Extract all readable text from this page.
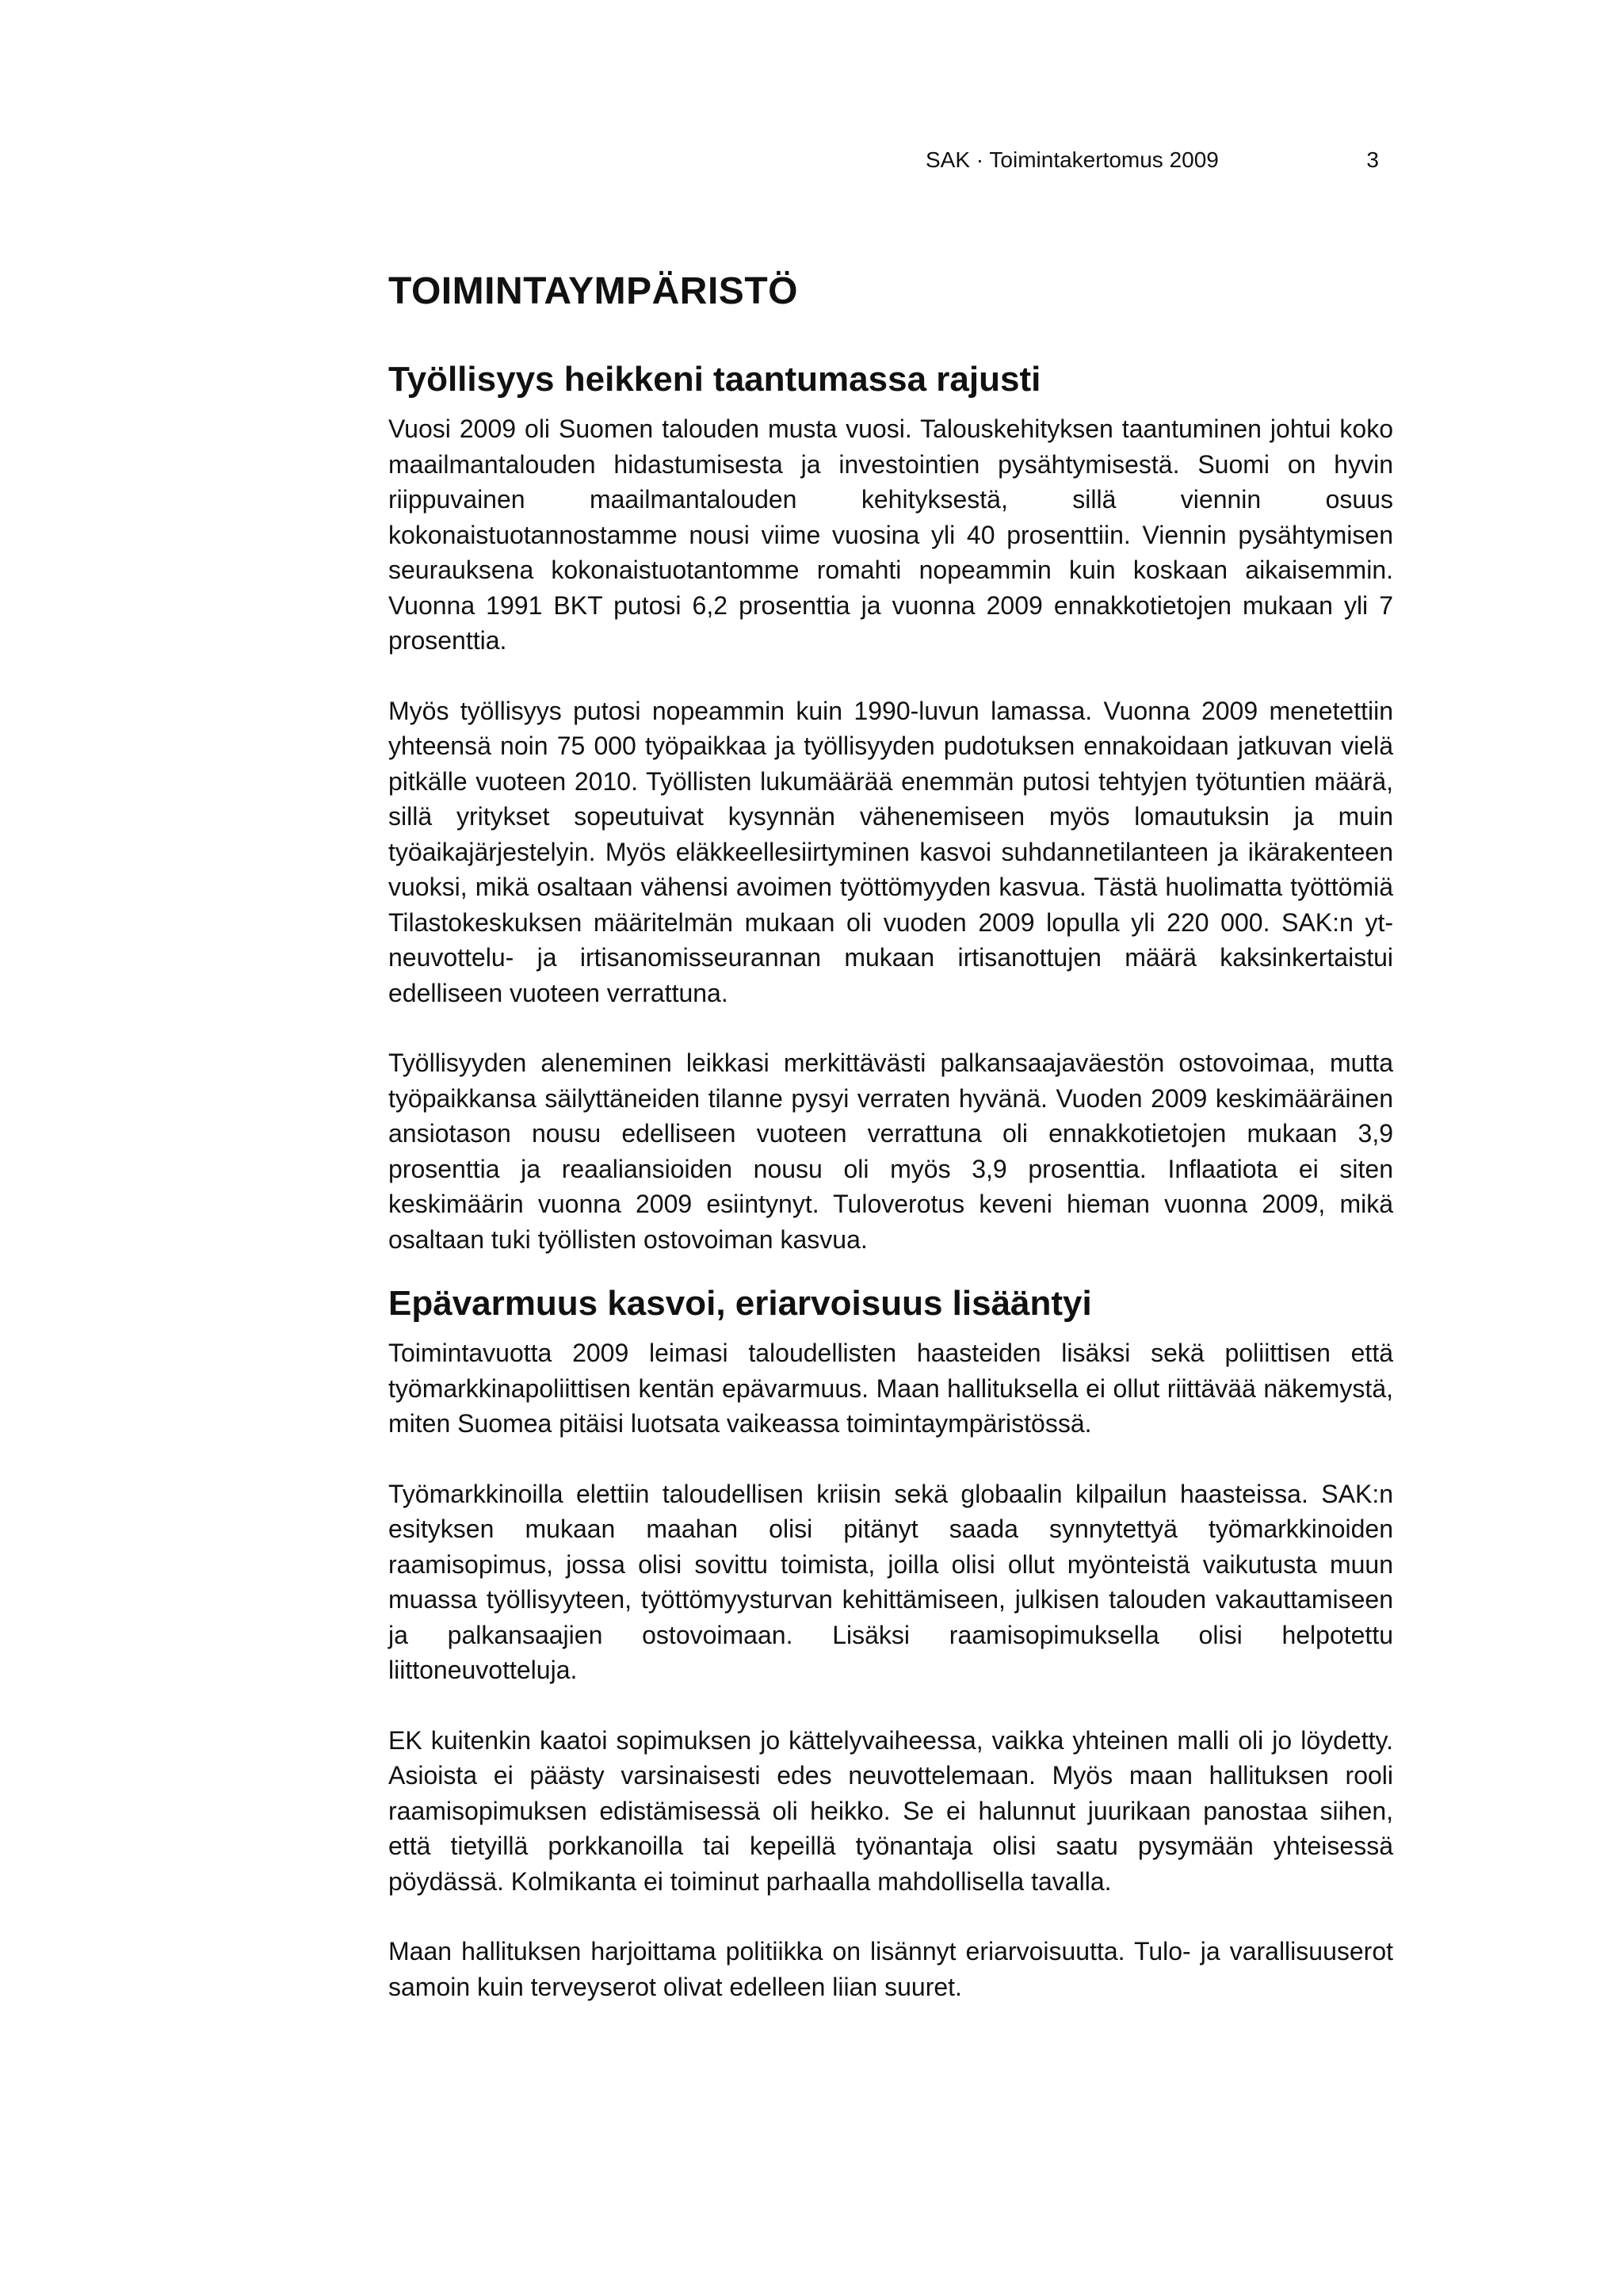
SAK · Toimintakertomus 2009	3
TOIMINTAYMPÄRISTÖ
Työllisyys heikkeni taantumassa rajusti

Vuosi 2009 oli Suomen talouden musta vuosi. Talouskehityksen taantuminen johtui koko maailmantalouden hidastumisesta ja investointien pysähtymisestä. Suomi on hyvin riippuvainen maailmantalouden kehityksestä, sillä viennin osuus kokonaistuotannostamme nousi viime vuosina yli 40 prosenttiin. Viennin pysähtymisen seurauksena kokonaistuotantomme romahti nopeammin kuin koskaan aikaisemmin. Vuonna 1991 BKT putosi 6,2 prosenttia ja vuonna 2009 ennakkotietojen mukaan yli 7 prosenttia.

Myös työllisyys putosi nopeammin kuin 1990-luvun lamassa. Vuonna 2009 menetettiin yhteensä noin 75 000 työpaikkaa ja työllisyyden pudotuksen ennakoidaan jatkuvan vielä pitkälle vuoteen 2010. Työllisten lukumäärää enemmän putosi tehtyjen työtuntien määrä, sillä yritykset sopeutuivat kysynnän vähenemiseen myös lomautuksin ja muin työaikajärjestelyin. Myös eläkkeellesiirtyminen kasvoi suhdannetilanteen ja ikärakenteen vuoksi, mikä osaltaan vähensi avoimen työttömyyden kasvua. Tästä huolimatta työttömiä Tilastokeskuksen määritelmän mukaan oli vuoden 2009 lopulla yli 220 000. SAK:n yt-neuvottelu- ja irtisanomisseurannan mukaan irtisanottujen määrä kaksinkertaistui edelliseen vuoteen verrattuna.

Työllisyyden aleneminen leikkasi merkittävästi palkansaajaväestön ostovoimaa, mutta työpaikkansa säilyttäneiden tilanne pysyi verraten hyvänä. Vuoden 2009 keskimääräinen ansiotason nousu edelliseen vuoteen verrattuna oli ennakkotietojen mukaan 3,9 prosenttia ja reaaliansioiden nousu oli myös 3,9 prosenttia. Inflaatiota ei siten keskimäärin vuonna 2009 esiintynyt. Tuloverotus keveni hieman vuonna 2009, mikä osaltaan tuki työllisten ostovoiman kasvua.

Epävarmuus kasvoi, eriarvoisuus lisääntyi

Toimintavuotta 2009 leimasi taloudellisten haasteiden lisäksi sekä poliittisen että työmarkkinapoliittisen kentän epävarmuus. Maan hallituksella ei ollut riittävää näkemystä, miten Suomea pitäisi luotsata vaikeassa toimintaympäristössä.

Työmarkkinoilla elettiin taloudellisen kriisin sekä globaalin kilpailun haasteissa. SAK:n esityksen mukaan maahan olisi pitänyt saada synnytettyä työmarkkinoiden raamisopimus, jossa olisi sovittu toimista, joilla olisi ollut myönteistä vaikutusta muun muassa työllisyyteen, työttömyysturvan kehittämiseen, julkisen talouden vakauttamiseen ja palkansaajien ostovoimaan. Lisäksi raamisopimuksella olisi helpotettu liittoneuvotteluja.

EK kuitenkin kaatoi sopimuksen jo kättelyvaiheessa, vaikka yhteinen malli oli jo löydetty. Asioista ei päästy varsinaisesti edes neuvottelemaan. Myös maan hallituksen rooli raamisopimuksen edistämisessä oli heikko. Se ei halunnut juurikaan panostaa siihen, että tietyillä porkkanoilla tai kepeillä työnantaja olisi saatu pysymään yhteisessä pöydässä. Kolmikanta ei toiminut parhaalla mahdollisella tavalla.

Maan hallituksen harjoittama politiikka on lisännyt eriarvoisuutta. Tulo- ja varallisuuserot samoin kuin terveyserot olivat edelleen liian suuret.
